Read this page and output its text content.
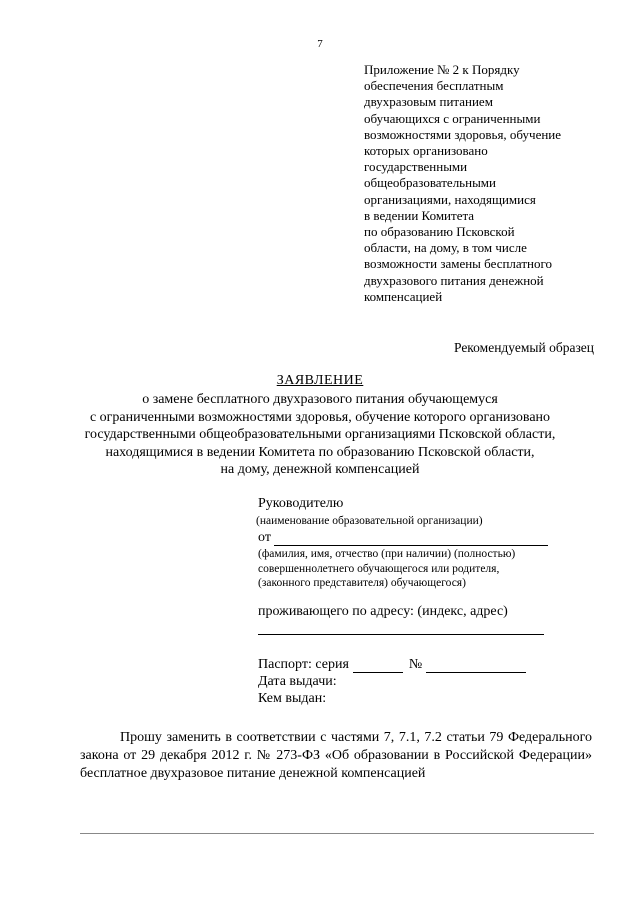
7
Приложение № 2 к Порядку
обеспечения бесплатным
двухразовым питанием
обучающихся с ограниченными
возможностями здоровья, обучение
которых организовано
государственными
общеобразовательными
организациями, находящимися
в ведении Комитета
по образованию Псковской
области, на дому, в том числе
возможности замены бесплатного
двухразового питания денежной
компенсацией
Рекомендуемый образец
ЗАЯВЛЕНИЕ
о замене бесплатного двухразового питания обучающемуся
с ограниченными возможностями здоровья, обучение которого организовано
государственными общеобразовательными организациями Псковской области,
находящимися в ведении Комитета по образованию Псковской области,
на дому, денежной компенсацией
Руководителю
(наименование образовательной организации)
от
(фамилия, имя, отчество (при наличии) (полностью)
совершеннолетнего обучающегося или родителя,
(законного представителя) обучающегося)
проживающего по адресу: (индекс, адрес)
Паспорт: серия	№
Дата выдачи:
Кем выдан:
Прошу заменить в соответствии с частями 7, 7.1, 7.2 статьи 79 Федерального закона от 29 декабря 2012 г. № 273-ФЗ «Об образовании в Российской Федерации» бесплатное двухразовое питание денежной компенсацией
